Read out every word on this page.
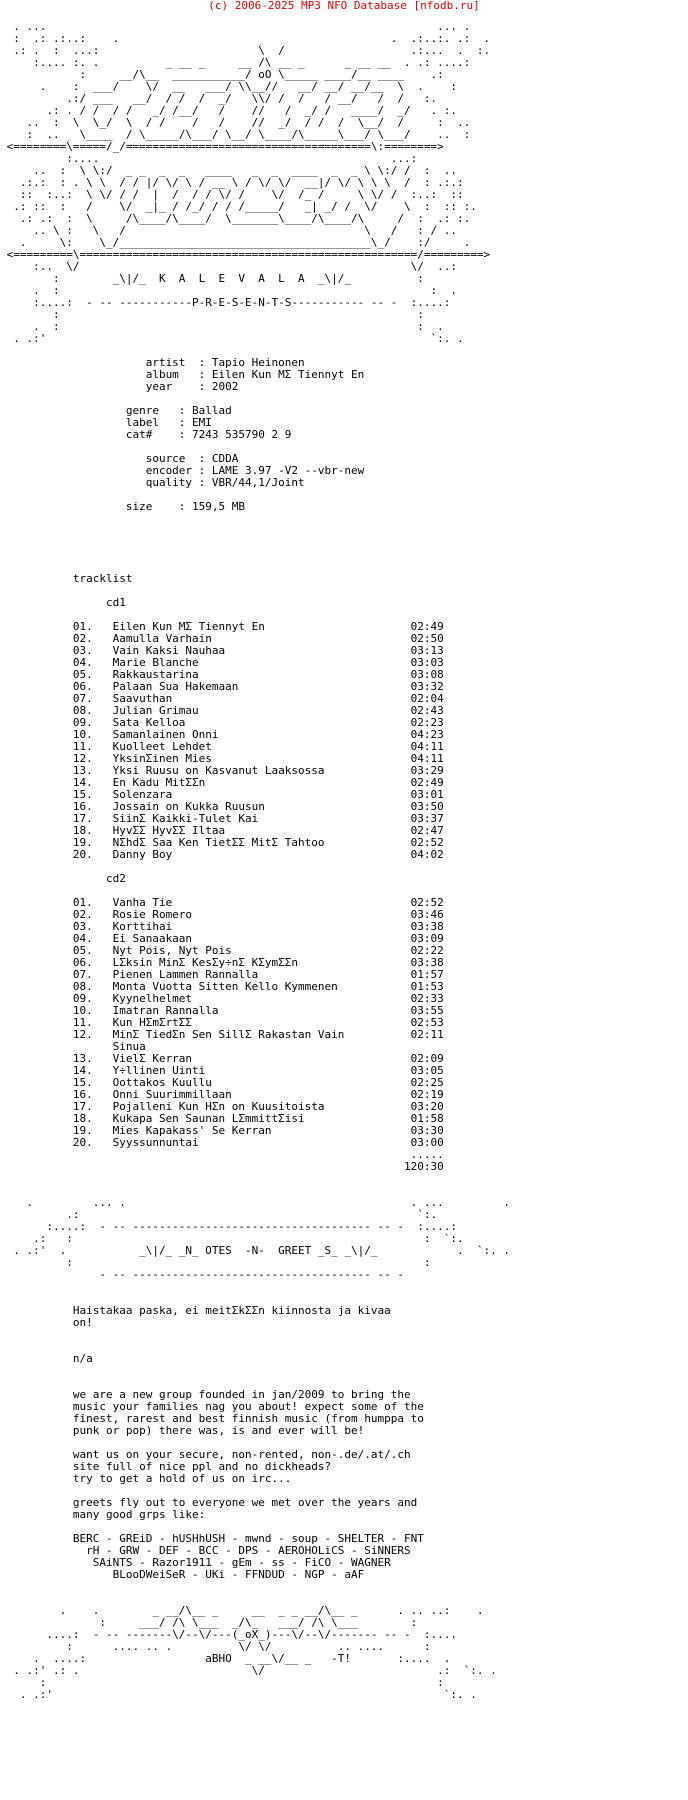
(c) 2006-2025 MP3 NFO Database [nfodb.ru]
. ...                                                           ... .
:  .: .:..:    .                                         .  .:..:. .:  .
.: .  :  ...:                        \  /                   .:...  .  :.
:.... :. .          _ __ _     __ /\ __ _      _ __ __  . .: ....:
:     __/\__  ___________/ oO \_____ ____/__ ____    .:
.    :  ___/    \/  __   ___/ \\__//   __/ __/ __/__  \  .    :
.:/ ___   __/  / /  /  _/   \\/ /  /   / __/   /  /   :.
.: . / /  / /   _/ /__/   /    //   /  _/ /   ____/  _/   . :.
..  :  \  \_/  \  / /    /   /    //  _/  / /  /  \__/  /     :  ..
:  ..   \____  / \_____/\___/ \__/ \____/\_____\___/ \___/    ..  :
<========\=====/_/=====================================\:========>
:....                                            ...:
..  :  \ \:/  _ _  _  _   ____   _  _  ____  _  _ \ \:/ /  :  ..
.:.:  : . \ \  / / |/ \/ \ / __ \ / \/ \/  __|/ \/ \ \ \  /  : .:.:
::  :..:  \ \/ / /  |  /  / / \/ /    \/  /_ /     \ \/ /  :..:  ::
.: ::  :   /    \/  _|_ / /_/ / / /_____/   _| _/ /  \/    \  :  :: :.
.: .:  :  \     /\____/\____/  \_______\____/\____/\     /  :  .: :.
.. \ :   \   /                                    \   /   : / ..
.     \:    \_/______________________________________\_/    :/     .
<=========\===================================================/=========>
:..  \/                                                  \/  ..:
:        _\|/_  K  A  L  E  V  A  L  A  _\|/_          :
.  :                                                        :  .
:....:  - -- -----------P-R-E-S-E-N-T-S----------- -- -  :....:
:                                                      :
.  :                                                      :  .
. .:'                                                          `:. .

artist  : Tapio Heinonen
album   : Eilen Kun MΣ Tiennyt En
year    : 2002

genre   : Ballad
label   : EMI
cat#    : 7243 535790 2 9

source  : CDDA
encoder : LAME 3.97 -V2 --vbr-new
quality : VBR/44,1/Joint

size    : 159,5 MB

tracklist

cd1

01.   Eilen Kun MΣ Tiennyt En                      02:49
02.   Aamulla Varhain                              02:50
03.   Vain Kaksi Nauhaa                            03:13
04.   Marie Blanche                                03:03
05.   Rakkaustarina                                03:08
06.   Palaan Sua Hakemaan                          03:32
07.   Saavuthan                                    02:04
08.   Julian Grimau                                02:43
09.   Sata Kelloa                                  02:23
10.   Samanlainen Onni                             04:23
11.   Kuolleet Lehdet                              04:11
12.   YksinΣinen Mies                              04:11
13.   Yksi Ruusu on Kasvanut Laaksossa             03:29
14.   En Kadu MitΣΣn                               02:49
15.   Solenzara                                    03:01
16.   Jossain on Kukka Ruusun                      03:50
17.   SiinΣ Kaikki-Tulet Kai                       03:37
18.   HyvΣΣ HyvΣΣ Iltaa                            02:47
19.   NΣhdΣ Saa Ken TietΣΣ MitΣ Tahtoo             02:52
20.   Danny Boy                                    04:02

cd2

01.   Vanha Tie                                    02:52
02.   Rosie Romero                                 03:46
03.   Korttihai                                    03:38
04.   Ei Sanaakaan                                 03:09
05.   Nyt Pois, Nyt Pois                           02:22
06.   LΣksin MinΣ KesΣy÷nΣ KΣymΣΣn                 03:38
07.   Pienen Lammen Rannalla                       01:57
08.   Monta Vuotta Sitten Kello Kymmenen           01:53
09.   Kyynelhelmet                                 02:33
10.   Imatran Rannalla                             03:55
11.   Kun HΣmΣrtΣΣ                                 02:53
12.   MinΣ TiedΣn Sen SillΣ Rakastan Vain          02:11
Sinua
13.   VielΣ Kerran                                 02:09
14.   Y÷llinen Uinti                               03:05
15.   Oottakos Kuullu                              02:25
16.   Onni Suurimmillaan                           02:19
17.   Pojalleni Kun HΣn on Kuusitoista             03:20
18.   Kukapa Sen Saunan LΣmmittΣisi                01:58
19.   Mies Kapakass' Se Kerran                     03:30
20.   Syyssunnuntai                                03:00
.....
120:30

.         ... .                                           . ...         .
.:                                                   `:.
:....:  - -- ------------------------------------ -- -  :....:
.:   :                                                     :  `:.
. .:'  .           _\|/_ _N_ OTES  -N-  GREET _S_ _\|/_            .  `:. .
:                                                     :
- -- ------------------------------------ -- -

Haistakaa paska, ei meitΣkΣΣn kiinnosta ja kivaa
on!

n/a

we are a new group founded in jan/2009 to bring the
music your families nag you about! expect some of the
finest, rarest and best finnish music (from humppa to
punk or pop) there was, is and ever will be!

want us on your secure, non-rented, non-.de/.at/.ch
site full of nice ppl and no dickheads?
try to get a hold of us on irc...

greets fly out to everyone we met over the years and
many good grps like:

BERC - GREiD - hUSHhUSH - mwnd - soup - SHELTER - FNT
rH - GRW - DEF - BCC - DPS - AEROHOLiCS - SiNNERS
SAiNTS - Razor1911 - gEm - ss - FiCO - WAGNER
BLooDWeiSeR - UKi - FFNDUD - NGP - aAF

.    .        _ __/\__ _     __  _ _ __/\__ _      . .. ..:    .
:     ___/ /\ \___  _/\_   ___/ /\ \___        :
....:  - -- -------\/--\/---(_oX_)---\/--\/------- -- -  :....
:      .... .. .          \/ \/          .. ....      :
.  ....:                  aBHO  _ __\/__ _   -T!       :....  .
. .:' .: .                          \/                          .:  `:. .
:                                                           :
. .:'                                                           `:. .
